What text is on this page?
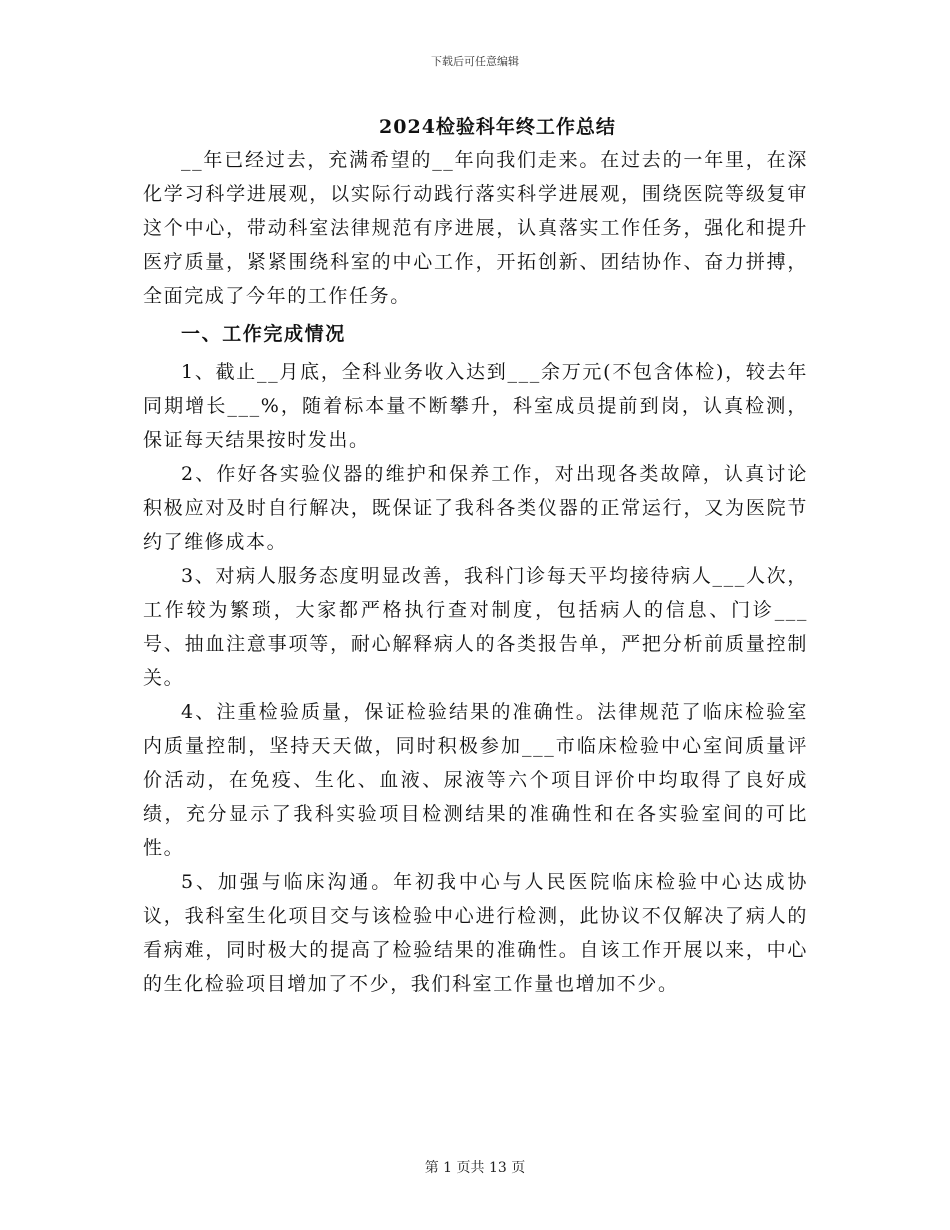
下载后可任意编辑
2024检验科年终工作总结

__年已经过去，充满希望的__年向我们走来。在过去的一年里，在深化学习科学进展观，以实际行动践行落实科学进展观，围绕医院等级复审这个中心，带动科室法律规范有序进展，认真落实工作任务，强化和提升医疗质量，紧紧围绕科室的中心工作，开拓创新、团结协作、奋力拼搏，全面完成了今年的工作任务。

一、工作完成情况

1、截止__月底，全科业务收入达到___余万元(不包含体检)，较去年同期增长___%，随着标本量不断攀升，科室成员提前到岗，认真检测，保证每天结果按时发出。

2、作好各实验仪器的维护和保养工作，对出现各类故障，认真讨论积极应对及时自行解决，既保证了我科各类仪器的正常运行，又为医院节约了维修成本。

3、对病人服务态度明显改善，我科门诊每天平均接待病人___人次，工作较为繁琐，大家都严格执行查对制度，包括病人的信息、门诊___号、抽血注意事项等，耐心解释病人的各类报告单，严把分析前质量控制关。

4、注重检验质量，保证检验结果的准确性。法律规范了临床检验室内质量控制，坚持天天做，同时积极参加___市临床检验中心室间质量评价活动，在免疫、生化、血液、尿液等六个项目评价中均取得了良好成绩，充分显示了我科实验项目检测结果的准确性和在各实验室间的可比性。

5、加强与临床沟通。年初我中心与人民医院临床检验中心达成协议，我科室生化项目交与该检验中心进行检测，此协议不仅解决了病人的看病难，同时极大的提高了检验结果的准确性。自该工作开展以来，中心的生化检验项目增加了不少，我们科室工作量也增加不少。

第 1 页共 13 页
